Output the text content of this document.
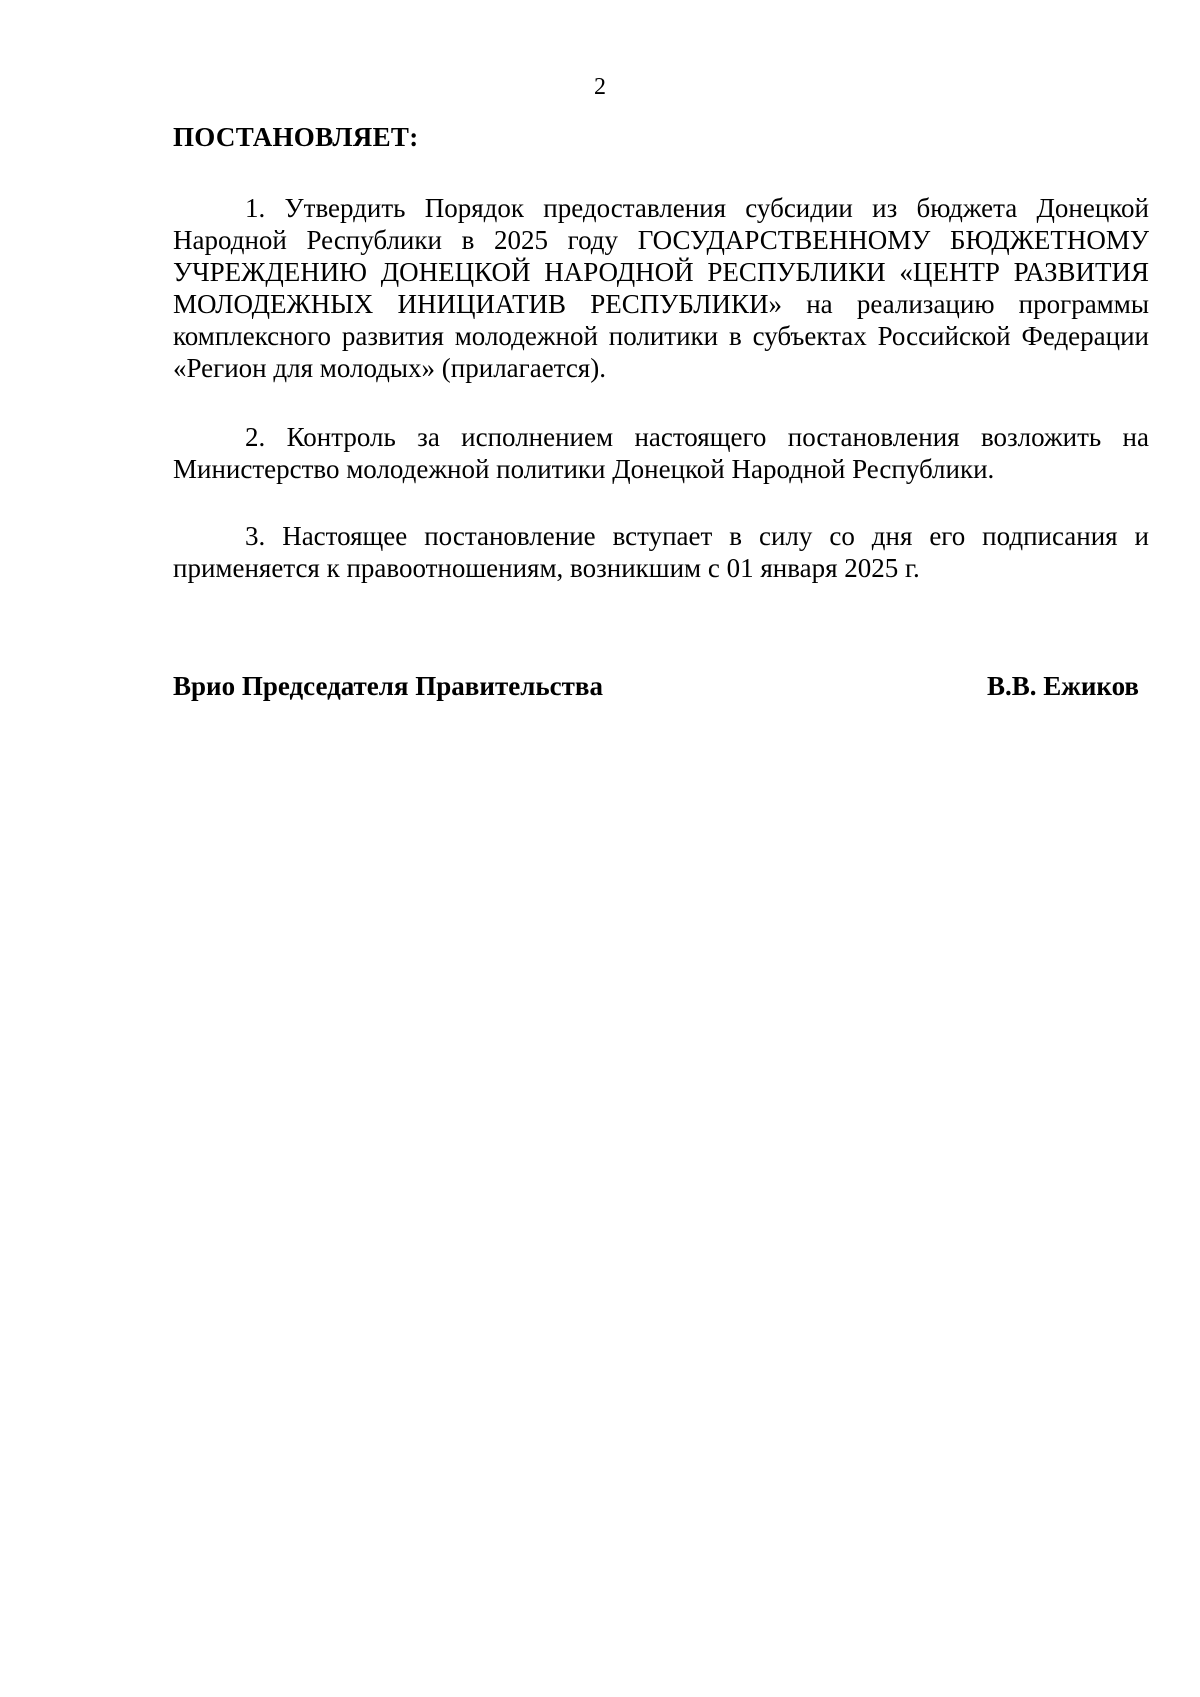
2
ПОСТАНОВЛЯЕТ:

1. Утвердить Порядок предоставления субсидии из бюджета Донецкой Народной Республики в 2025 году ГОСУДАРСТВЕННОМУ БЮДЖЕТНОМУ УЧРЕЖДЕНИЮ ДОНЕЦКОЙ НАРОДНОЙ РЕСПУБЛИКИ «ЦЕНТР РАЗВИТИЯ МОЛОДЕЖНЫХ ИНИЦИАТИВ РЕСПУБЛИКИ» на реализацию программы комплексного развития молодежной политики в субъектах Российской Федерации «Регион для молодых» (прилагается).

2. Контроль за исполнением настоящего постановления возложить на Министерство молодежной политики Донецкой Народной Республики.

3. Настоящее постановление вступает в силу со дня его подписания и применяется к правоотношениям, возникшим с 01 января 2025 г.

Врио Председателя Правительства	В.В. Ежиков
